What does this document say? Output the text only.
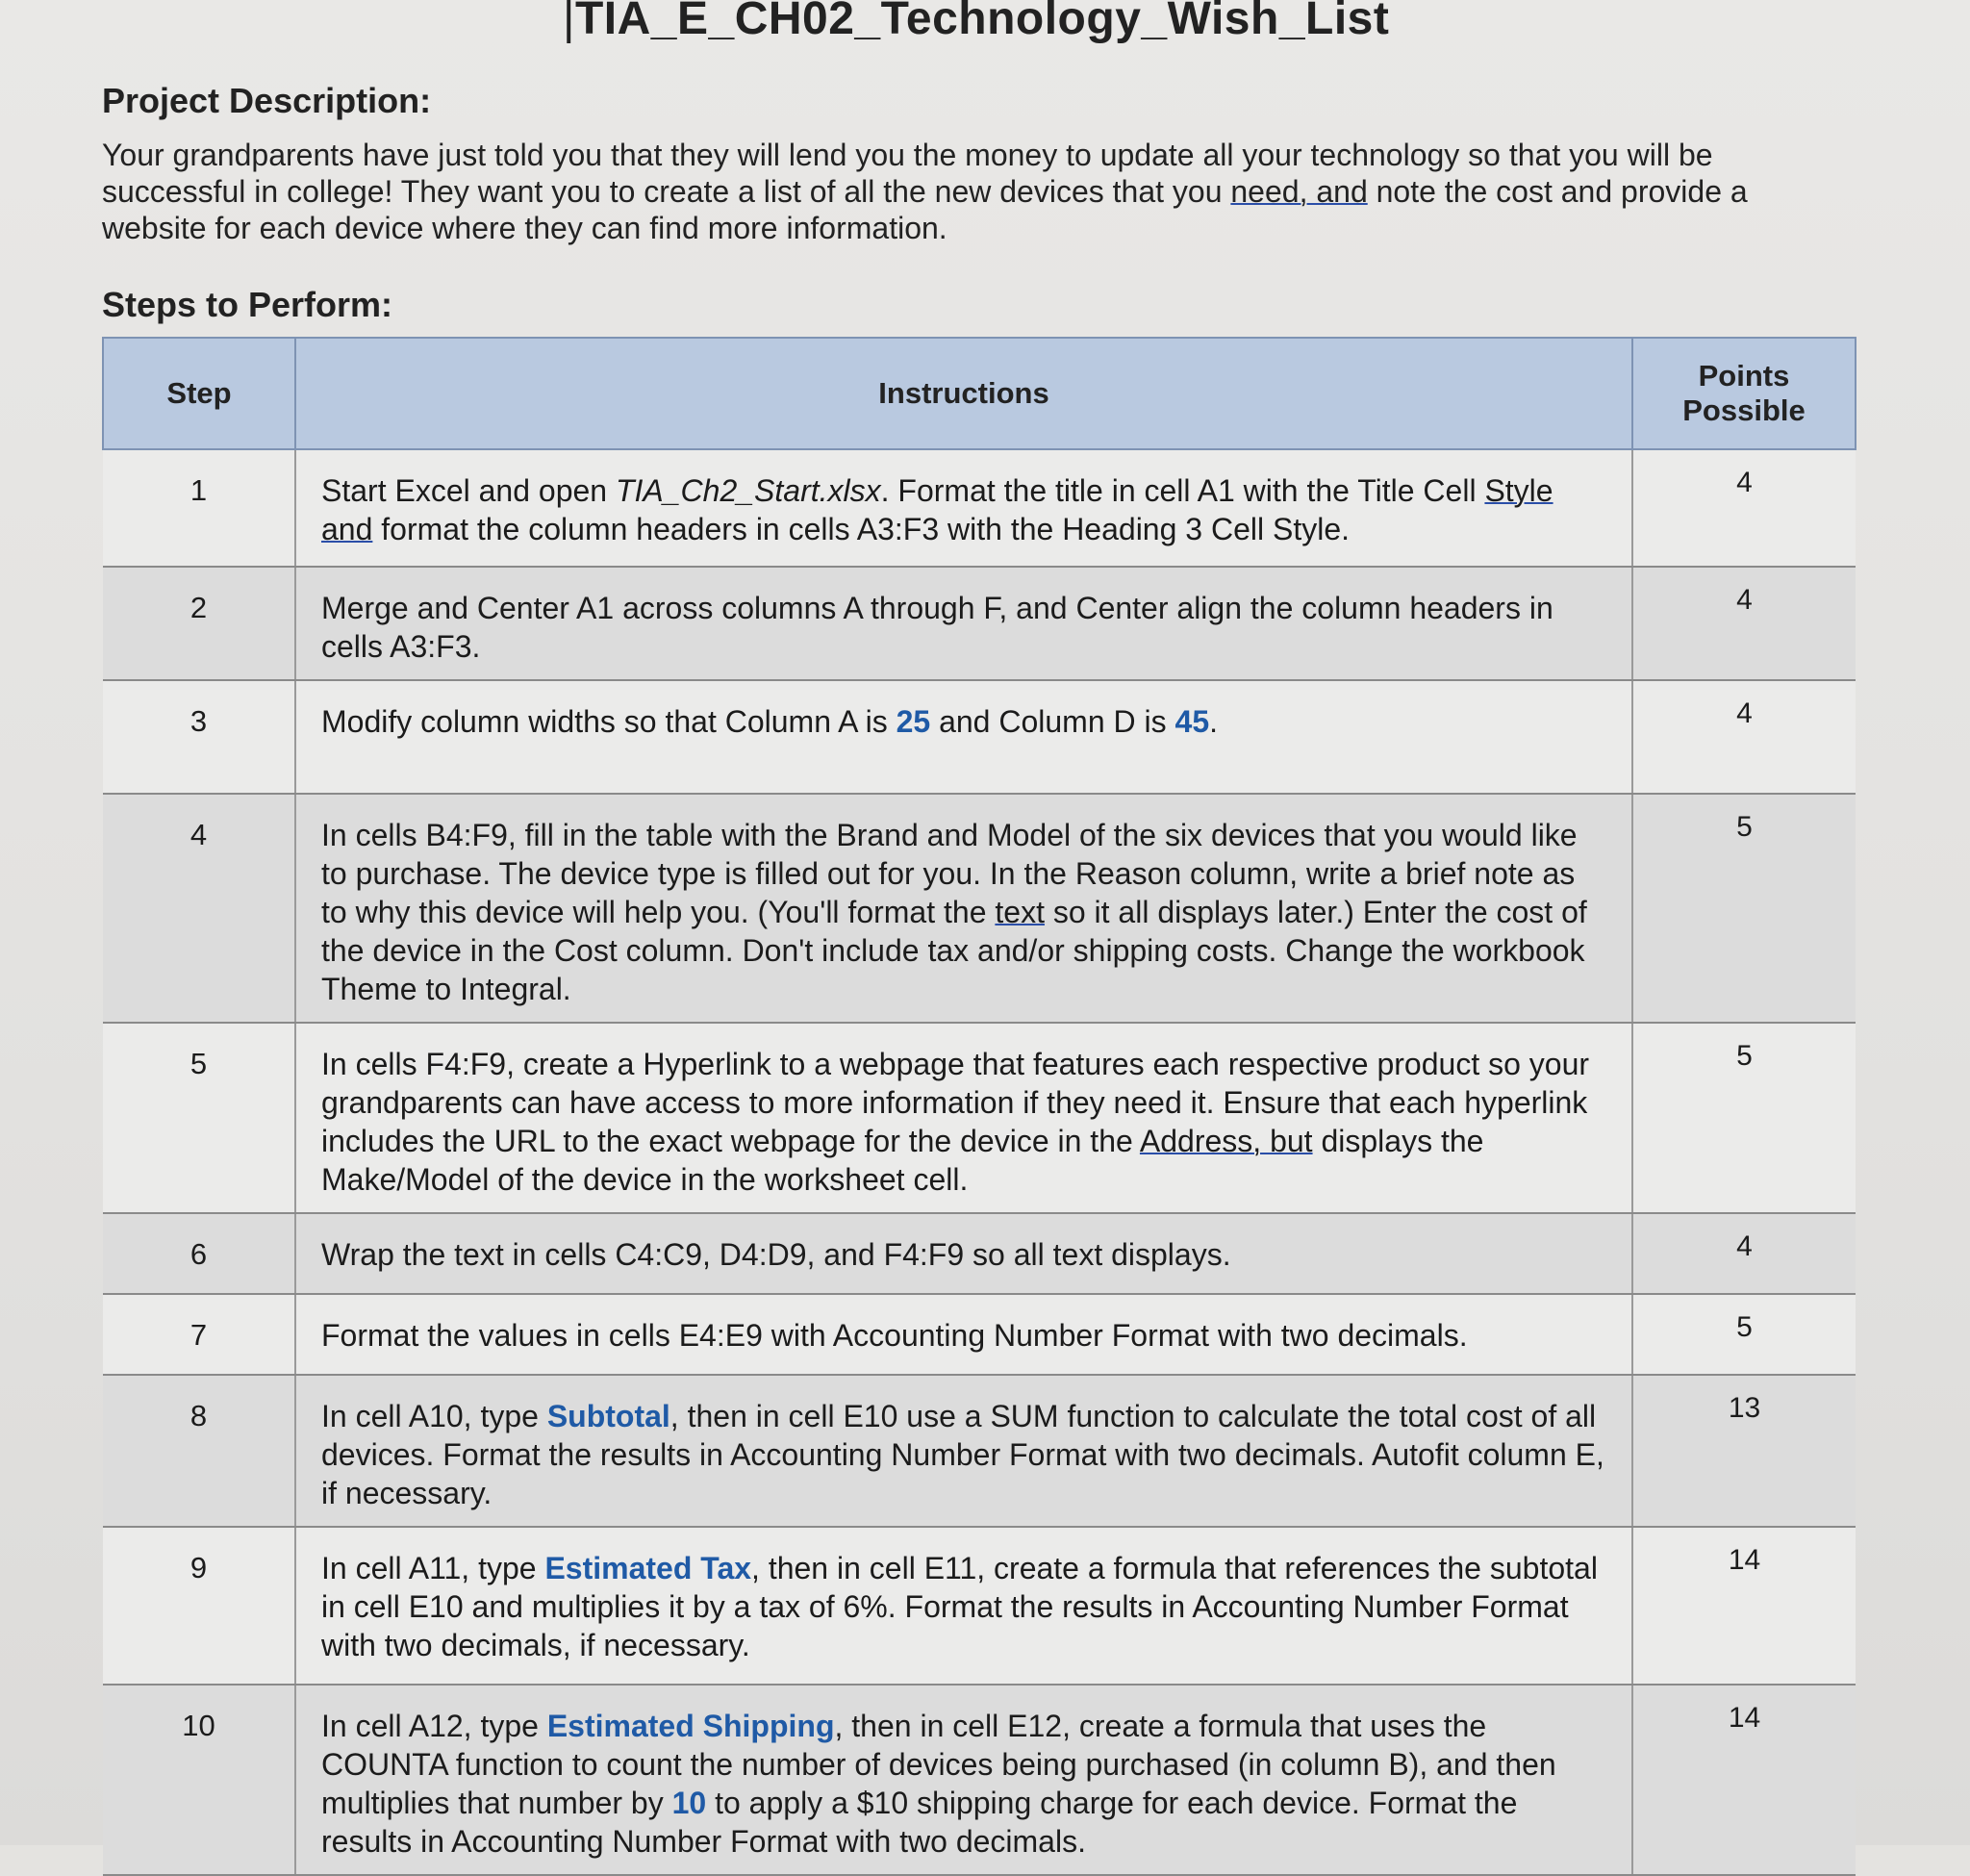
|TIA_E_CH02_Technology_Wish_List
Project Description:
Your grandparents have just told you that they will lend you the money to update all your technology so that you will be successful in college! They want you to create a list of all the new devices that you need, and note the cost and provide a website for each device where they can find more information.
Steps to Perform:
Step	Instructions	Points Possible
1	Start Excel and open TIA_Ch2_Start.xlsx. Format the title in cell A1 with the Title Cell Style and format the column headers in cells A3:F3 with the Heading 3 Cell Style.	4
2	Merge and Center A1 across columns A through F, and Center align the column headers in cells A3:F3.	4
3	Modify column widths so that Column A is 25 and Column D is 45.	4
4	In cells B4:F9, fill in the table with the Brand and Model of the six devices that you would like to purchase. The device type is filled out for you. In the Reason column, write a brief note as to why this device will help you. (You'll format the text so it all displays later.) Enter the cost of the device in the Cost column. Don't include tax and/or shipping costs. Change the workbook Theme to Integral.	5
5	In cells F4:F9, create a Hyperlink to a webpage that features each respective product so your grandparents can have access to more information if they need it. Ensure that each hyperlink includes the URL to the exact webpage for the device in the Address, but displays the Make/Model of the device in the worksheet cell.	5
6	Wrap the text in cells C4:C9, D4:D9, and F4:F9 so all text displays.	4
7	Format the values in cells E4:E9 with Accounting Number Format with two decimals.	5
8	In cell A10, type Subtotal, then in cell E10 use a SUM function to calculate the total cost of all devices. Format the results in Accounting Number Format with two decimals. Autofit column E, if necessary.	13
9	In cell A11, type Estimated Tax, then in cell E11, create a formula that references the subtotal in cell E10 and multiplies it by a tax of 6%. Format the results in Accounting Number Format with two decimals, if necessary.	14
10	In cell A12, type Estimated Shipping, then in cell E12, create a formula that uses the COUNTA function to count the number of devices being purchased (in column B), and then multiplies that number by 10 to apply a $10 shipping charge for each device. Format the results in Accounting Number Format with two decimals.	14
